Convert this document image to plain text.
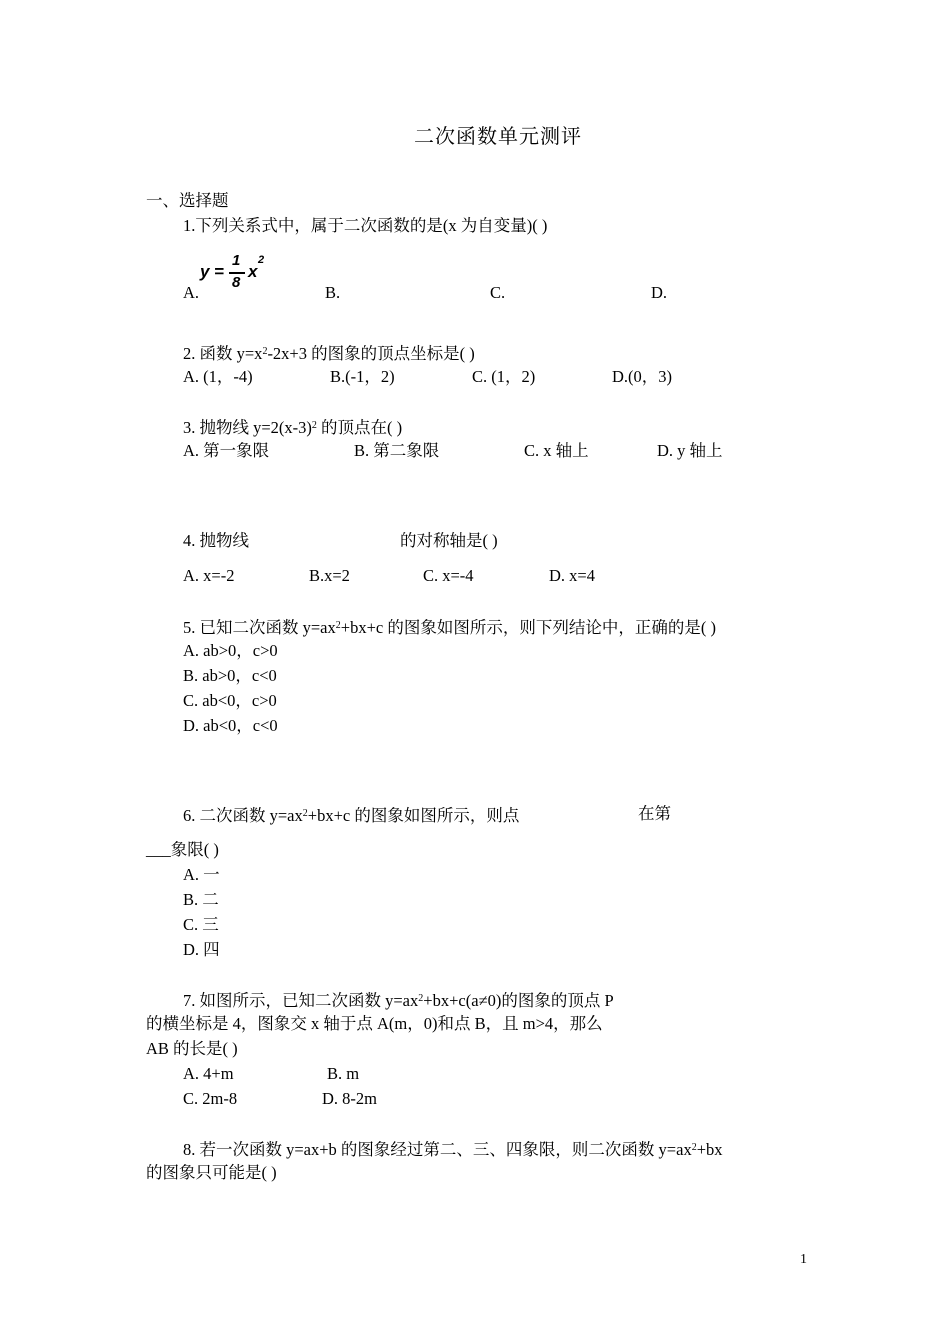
二次函数单元测评
一、选择题
1.下列关系式中，属于二次函数的是(x 为自变量)( )
y =
1
8
x
2
A.	B.	C.	D.
2. 函数 $y=x^2-2x+3$ 的图象的顶点坐标是( )
A. (1，-4)	B.(-1，2)	C. (1，2)	D.(0，3)
3. 抛物线 $y=2(x-3)^2$ 的顶点在( )
A. 第一象限	B. 第二象限	C. x 轴上	D. y 轴上
4. 抛物线	的对称轴是( )
A. x=-2	B.x=2	C. x=-4	D. x=4
5. 已知二次函数 $y=ax^2+bx+c$ 的图象如图所示，则下列结论中，正确的是( )
A. ab>0，c>0
B. ab>0，c<0
C. ab<0，c>0
D. ab<0，c<0
6. 二次函数 $y=ax^2+bx+c$ 的图象如图所示，则点	在第
___象限( )
A. 一
B. 二
C. 三
D. 四
7. 如图所示，已知二次函数 $y=ax^2+bx+c(a\ne 0)$的图象的顶点 P
的横坐标是 4，图象交 x 轴于点 A(m，0)和点 B，且 m>4，那么
AB 的长是( )
A. 4+m	B. m
C. 2m-8	D. 8-2m
8. 若一次函数 y=ax+b 的图象经过第二、三、四象限，则二次函数 $y=ax^2+bx$
的图象只可能是( )
1
